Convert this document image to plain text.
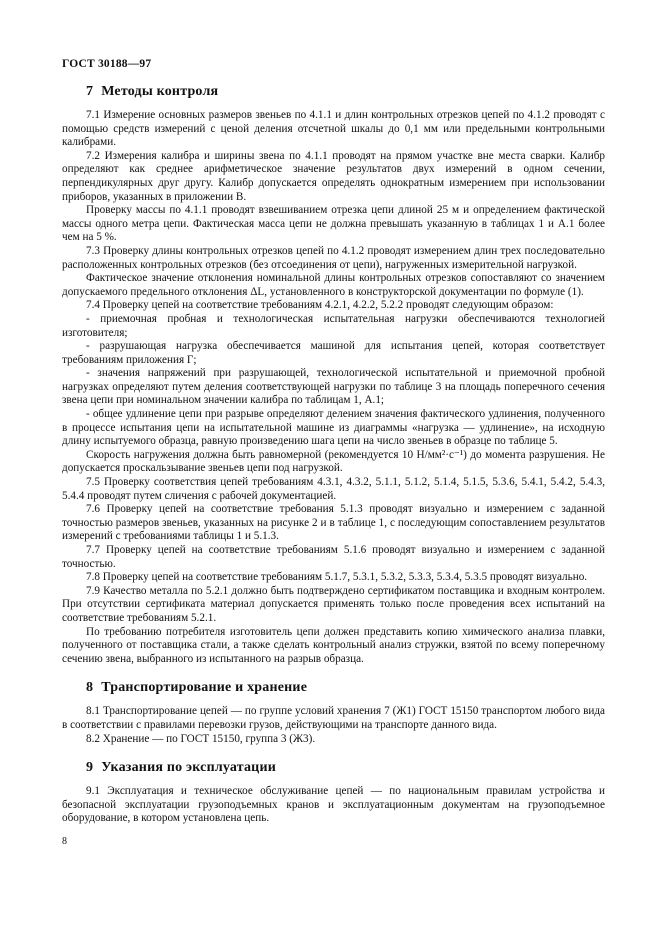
ГОСТ 30188—97
7 Методы контроля

7.1 Измерение основных размеров звеньев по 4.1.1 и длин контрольных отрезков цепей по 4.1.2 проводят с помощью средств измерений с ценой деления отсчетной шкалы до 0,1 мм или предельными контрольными калибрами.

7.2 Измерения калибра и ширины звена по 4.1.1 проводят на прямом участке вне места сварки. Калибр определяют как среднее арифметическое значение результатов двух измерений в одном сечении, перпендикулярных друг другу. Калибр допускается определять однократным измерением при использовании приборов, указанных в приложении В.

Проверку массы по 4.1.1 проводят взвешиванием отрезка цепи длиной 25 м и определением фактической массы одного метра цепи. Фактическая масса цепи не должна превышать указанную в таблицах 1 и А.1 более чем на 5 %.

7.3 Проверку длины контрольных отрезков цепей по 4.1.2 проводят измерением длин трех последовательно расположенных контрольных отрезков (без отсоединения от цепи), нагруженных измерительной нагрузкой.

Фактическое значение отклонения номинальной длины контрольных отрезков сопоставляют со значением допускаемого предельного отклонения ΔL, установленного в конструкторской документации по формуле (1).

7.4 Проверку цепей на соответствие требованиям 4.2.1, 4.2.2, 5.2.2 проводят следующим образом:

- приемочная пробная и технологическая испытательная нагрузки обеспечиваются технологией изготовителя;

- разрушающая нагрузка обеспечивается машиной для испытания цепей, которая соответствует требованиям приложения Г;

- значения напряжений при разрушающей, технологической испытательной и приемочной пробной нагрузках определяют путем деления соответствующей нагрузки по таблице 3 на площадь поперечного сечения звена цепи при номинальном значении калибра по таблицам 1, А.1;

- общее удлинение цепи при разрыве определяют делением значения фактического удлинения, полученного в процессе испытания цепи на испытательной машине из диаграммы «нагрузка — удлинение», на исходную длину испытуемого образца, равную произведению шага цепи на число звеньев в образце по таблице 5.

Скорость нагружения должна быть равномерной (рекомендуется 10 Н/мм²·с⁻¹) до момента разрушения. Не допускается проскальзывание звеньев цепи под нагрузкой.

7.5 Проверку соответствия цепей требованиям 4.3.1, 4.3.2, 5.1.1, 5.1.2, 5.1.4, 5.1.5, 5.3.6, 5.4.1, 5.4.2, 5.4.3, 5.4.4 проводят путем сличения с рабочей документацией.

7.6 Проверку цепей на соответствие требования 5.1.3 проводят визуально и измерением с заданной точностью размеров звеньев, указанных на рисунке 2 и в таблице 1, с последующим сопоставлением результатов измерений с требованиями таблицы 1 и 5.1.3.

7.7 Проверку цепей на соответствие требованиям 5.1.6 проводят визуально и измерением с заданной точностью.

7.8 Проверку цепей на соответствие требованиям 5.1.7, 5.3.1, 5.3.2, 5.3.3, 5.3.4, 5.3.5 проводят визуально.

7.9 Качество металла по 5.2.1 должно быть подтверждено сертификатом поставщика и входным контролем. При отсутствии сертификата материал допускается применять только после проведения всех испытаний на соответствие требованиям 5.2.1.

По требованию потребителя изготовитель цепи должен представить копию химического анализа плавки, полученного от поставщика стали, а также сделать контрольный анализ стружки, взятой по всему поперечному сечению звена, выбранного из испытанного на разрыв образца.

8 Транспортирование и хранение

8.1 Транспортирование цепей — по группе условий хранения 7 (Ж1) ГОСТ 15150 транспортом любого вида в соответствии с правилами перевозки грузов, действующими на транспорте данного вида.

8.2 Хранение — по ГОСТ 15150, группа 3 (Ж3).

9 Указания по эксплуатации

9.1 Эксплуатация и техническое обслуживание цепей — по национальным правилам устройства и безопасной эксплуатации грузоподъемных кранов и эксплуатационным документам на грузоподъемное оборудование, в котором установлена цепь.

8
